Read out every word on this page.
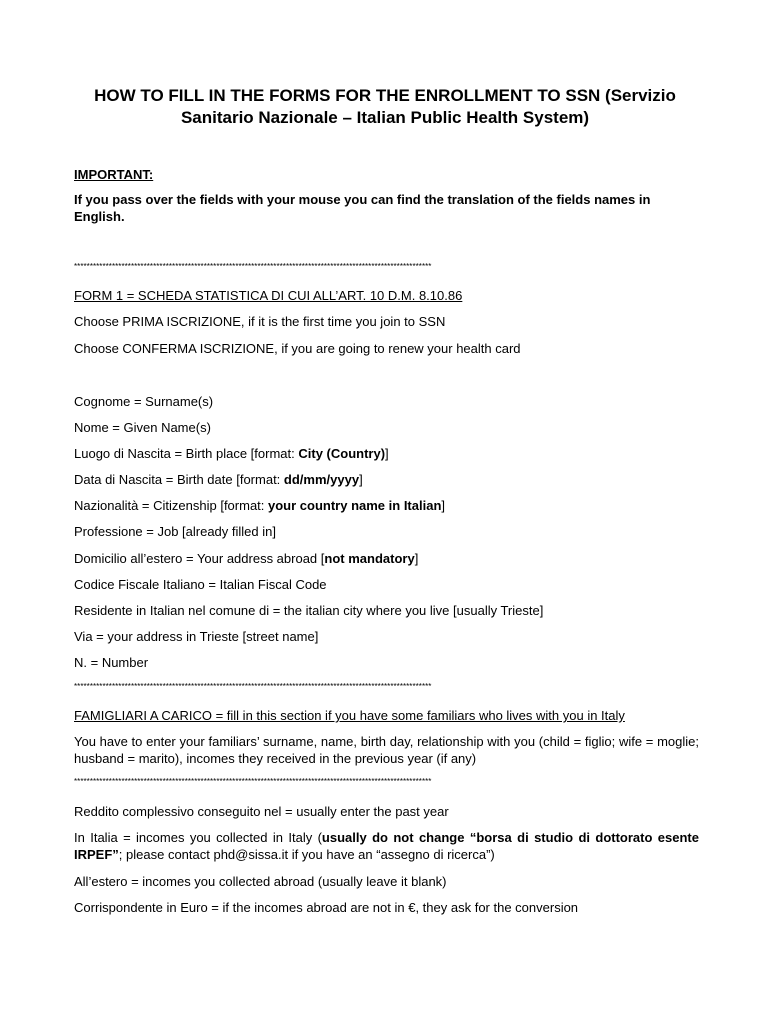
HOW TO FILL IN THE FORMS FOR THE ENROLLMENT TO SSN (Servizio
Sanitario Nazionale – Italian Public Health System)
IMPORTANT:
If you pass over the fields with your mouse you can find the translation of the fields names in English.
*****************************************************************************************************************
FORM 1 = SCHEDA STATISTICA DI CUI ALL’ART. 10 D.M. 8.10.86
Choose PRIMA ISCRIZIONE, if it is the first time you join to SSN
Choose CONFERMA ISCRIZIONE, if you are going to renew your health card
Cognome = Surname(s)
Nome = Given Name(s)
Luogo di Nascita = Birth place [format: City (Country)]
Data di Nascita = Birth date [format: dd/mm/yyyy]
Nazionalità = Citizenship [format: your country name in Italian]
Professione = Job [already filled in]
Domicilio all’estero = Your address abroad [not mandatory]
Codice Fiscale Italiano = Italian Fiscal Code
Residente in Italian nel comune di = the italian city where you live [usually Trieste]
Via = your address in Trieste [street name]
N. = Number
*****************************************************************************************************************
FAMIGLIARI A CARICO = fill in this section if you have some familiars who lives with you in Italy
You have to enter your familiars’ surname, name, birth day, relationship with you (child = figlio; wife = moglie; husband = marito), incomes they received in the previous year (if any)
*****************************************************************************************************************
Reddito complessivo conseguito nel = usually enter the past year
In Italia = incomes you collected in Italy (usually do not change “borsa di studio di dottorato esente IRPEF”; please contact phd@sissa.it if you have an “assegno di ricerca”)
All’estero = incomes you collected abroad (usually leave it blank)
Corrispondente in Euro = if the incomes abroad are not in €, they ask for the conversion
